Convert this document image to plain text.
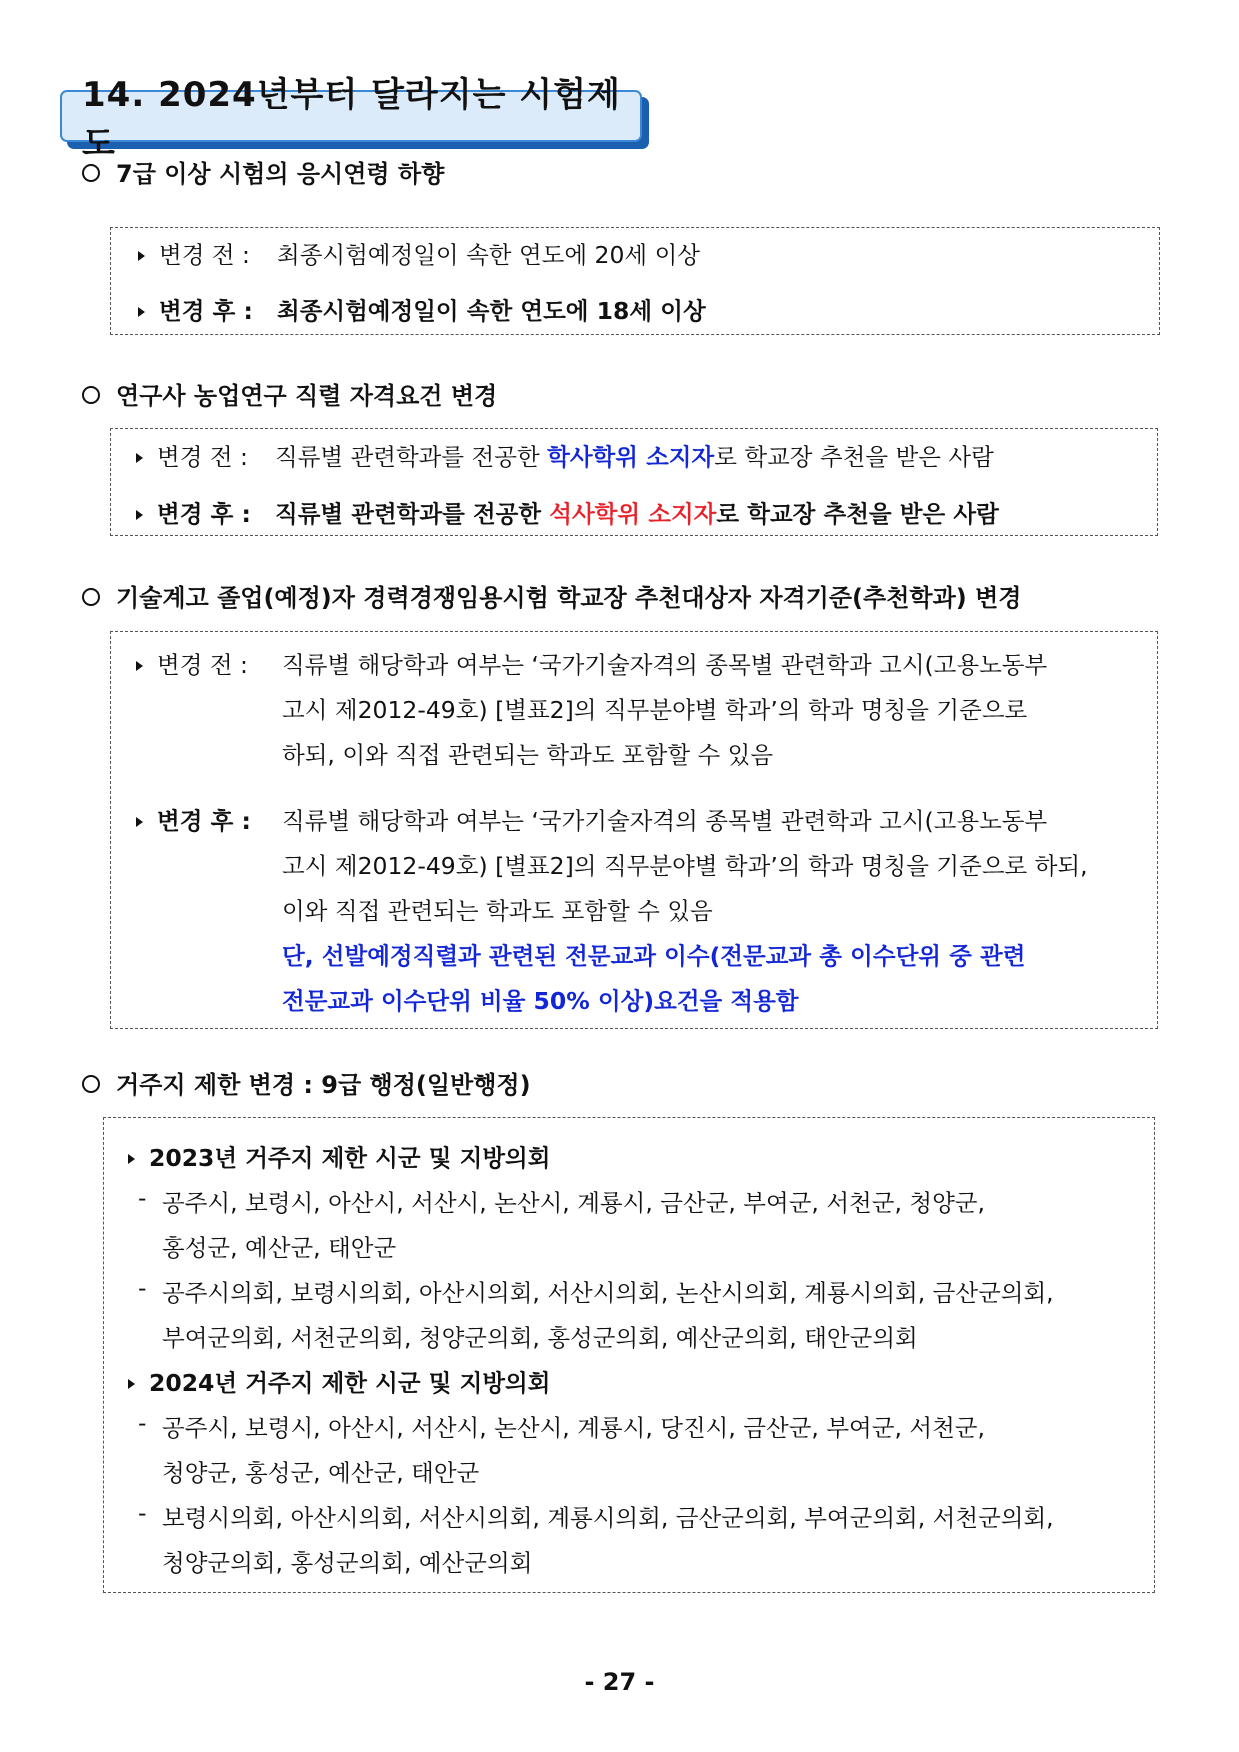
14. 2024년부터 달라지는 시험제도
7급 이상 시험의 응시연령 하향
변경 전 : 최종시험예정일이 속한 연도에 20세 이상
변경 후 : 최종시험예정일이 속한 연도에 18세 이상
연구사 농업연구 직렬 자격요건 변경
변경 전 : 직류별 관련학과를 전공한 학사학위 소지자로 학교장 추천을 받은 사람
변경 후 : 직류별 관련학과를 전공한 석사학위 소지자로 학교장 추천을 받은 사람
기술계고 졸업(예정)자 경력경쟁임용시험 학교장 추천대상자 자격기준(추천학과) 변경
변경 전 :	직류별 해당학과 여부는 ‘국가기술자격의 종목별 관련학과 고시(고용노동부
고시 제2012-49호) [별표2]의 직무분야별 학과’의 학과 명칭을 기준으로
하되, 이와 직접 관련되는 학과도 포함할 수 있음
변경 후 :	직류별 해당학과 여부는 ‘국가기술자격의 종목별 관련학과 고시(고용노동부
고시 제2012-49호) [별표2]의 직무분야별 학과’의 학과 명칭을 기준으로 하되,
이와 직접 관련되는 학과도 포함할 수 있음
단, 선발예정직렬과 관련된 전문교과 이수(전문교과 총 이수단위 중 관련
전문교과 이수단위 비율 50% 이상)요건을 적용함
거주지 제한 변경 : 9급 행정(일반행정)
2023년 거주지 제한 시군 및 지방의회
- 공주시, 보령시, 아산시, 서산시, 논산시, 계룡시, 금산군, 부여군, 서천군, 청양군,
홍성군, 예산군, 태안군
- 공주시의회, 보령시의회, 아산시의회, 서산시의회, 논산시의회, 계룡시의회, 금산군의회,
부여군의회, 서천군의회, 청양군의회, 홍성군의회, 예산군의회, 태안군의회
2024년 거주지 제한 시군 및 지방의회
- 공주시, 보령시, 아산시, 서산시, 논산시, 계룡시, 당진시, 금산군, 부여군, 서천군,
청양군, 홍성군, 예산군, 태안군
- 보령시의회, 아산시의회, 서산시의회, 계룡시의회, 금산군의회, 부여군의회, 서천군의회,
청양군의회, 홍성군의회, 예산군의회
- 27 -
